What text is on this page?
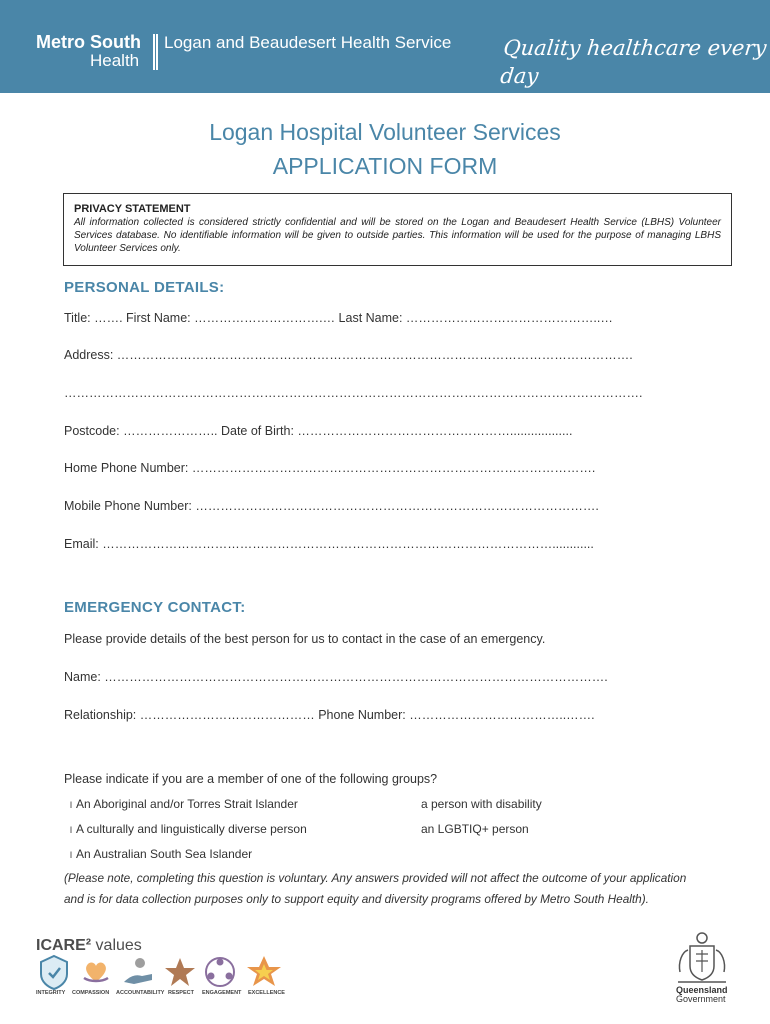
Metro South
Health
Logan and Beaudesert Health Service Quality healthcare every day
Logan Hospital Volunteer Services
APPLICATION FORM
PRIVACY STATEMENT
All information collected is considered strictly confidential and will be stored on the Logan and Beaudesert Health Service (LBHS) Volunteer Services database. No identifiable information will be given to outside parties. This information will be used for the purpose of managing LBHS Volunteer Services only.
PERSONAL DETAILS:
Title: ……. First Name: ………………………….… Last Name: ………………………………………..…
Address: …………………………………………………………………………………………………………….
………………………………………………………………………………………………………………………….
Postcode: ………………….. Date of Birth: ……………………………………………..................
Home Phone Number: …………………………………………………………………………………….
Mobile Phone Number: …………………………………………………………………………………….
Email: ………………………………………………………………………………………………............
EMERGENCY CONTACT:
Please provide details of the best person for us to contact in the case of an emergency.
Name: ………………………………………………………………………………………………………….
Relationship: …………………………………… Phone Number: ………………………………..…….
Please indicate if you are a member of one of the following groups?
l An Aboriginal and/or Torres Strait Islander
l A culturally and linguistically diverse person
l An Australian South Sea Islander
a person with disability
an LGBTIQ+ person
(Please note, completing this question is voluntary. Any answers provided will not affect the outcome of your application
and is for data collection purposes only to support equity and diversity programs offered by Metro South Health).
ICARE² values
INTEGRITY COMPASSION ACCOUNTABILITY RESPECT ENGAGEMENT EXCELLENCE	Queensland
Government
